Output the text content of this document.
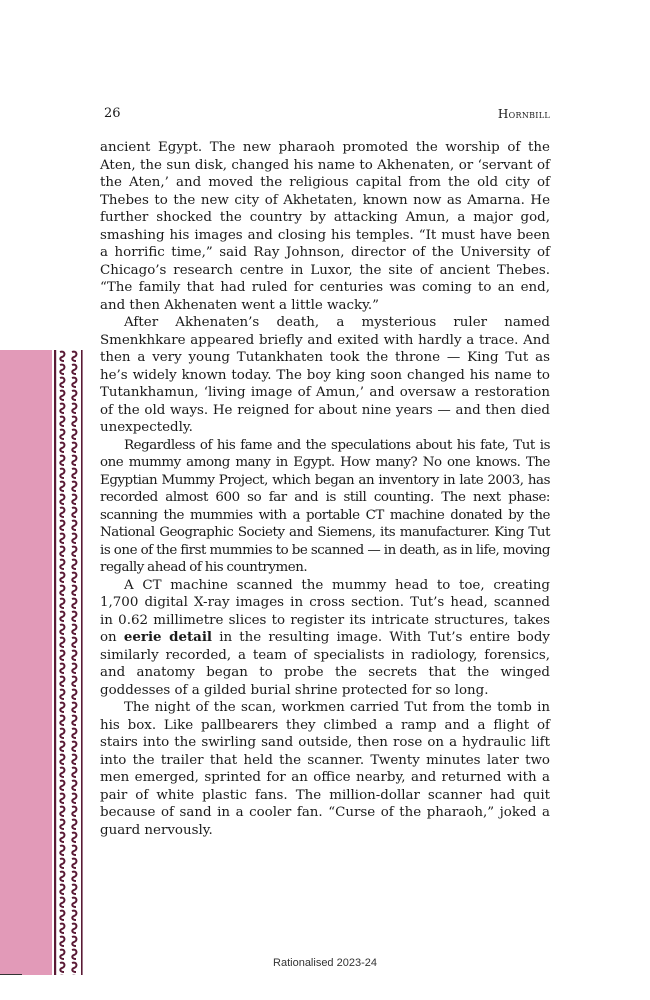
26	Hornbill

ancient Egypt. The new pharaoh promoted the worship of the Aten, the sun disk, changed his name to Akhenaten, or ‘servant of the Aten,’ and moved the religious capital from the old city of Thebes to the new city of Akhetaten, known now as Amarna. He further shocked the country by attacking Amun, a major god, smashing his images and closing his temples. “It must have been a horrific time,” said Ray Johnson, director of the University of Chicago’s research centre in Luxor, the site of ancient Thebes. “The family that had ruled for centuries was coming to an end, and then Akhenaten went a little wacky.”

After Akhenaten’s death, a mysterious ruler named Smenkhkare appeared briefly and exited with hardly a trace. And then a very young Tutankhaten took the throne — King Tut as he’s widely known today. The boy king soon changed his name to Tutankhamun, ‘living image of Amun,’ and oversaw a restoration of the old ways. He reigned for about nine years — and then died unexpectedly.

Regardless of his fame and the speculations about his fate, Tut is one mummy among many in Egypt. How many? No one knows. The Egyptian Mummy Project, which began an inventory in late 2003, has recorded almost 600 so far and is still counting. The next phase: scanning the mummies with a portable CT machine donated by the National Geographic Society and Siemens, its manufacturer. King Tut is one of the first mummies to be scanned — in death, as in life, moving regally ahead of his countrymen.

A CT machine scanned the mummy head to toe, creating 1,700 digital X-ray images in cross section. Tut’s head, scanned in 0.62 millimetre slices to register its intricate structures, takes on eerie detail in the resulting image. With Tut’s entire body similarly recorded, a team of specialists in radiology, forensics, and anatomy began to probe the secrets that the winged goddesses of a gilded burial shrine protected for so long.

The night of the scan, workmen carried Tut from the tomb in his box. Like pallbearers they climbed a ramp and a flight of stairs into the swirling sand outside, then rose on a hydraulic lift into the trailer that held the scanner. Twenty minutes later two men emerged, sprinted for an office nearby, and returned with a pair of white plastic fans. The million-dollar scanner had quit because of sand in a cooler fan. “Curse of the pharaoh,” joked a guard nervously.

Rationalised 2023-24
